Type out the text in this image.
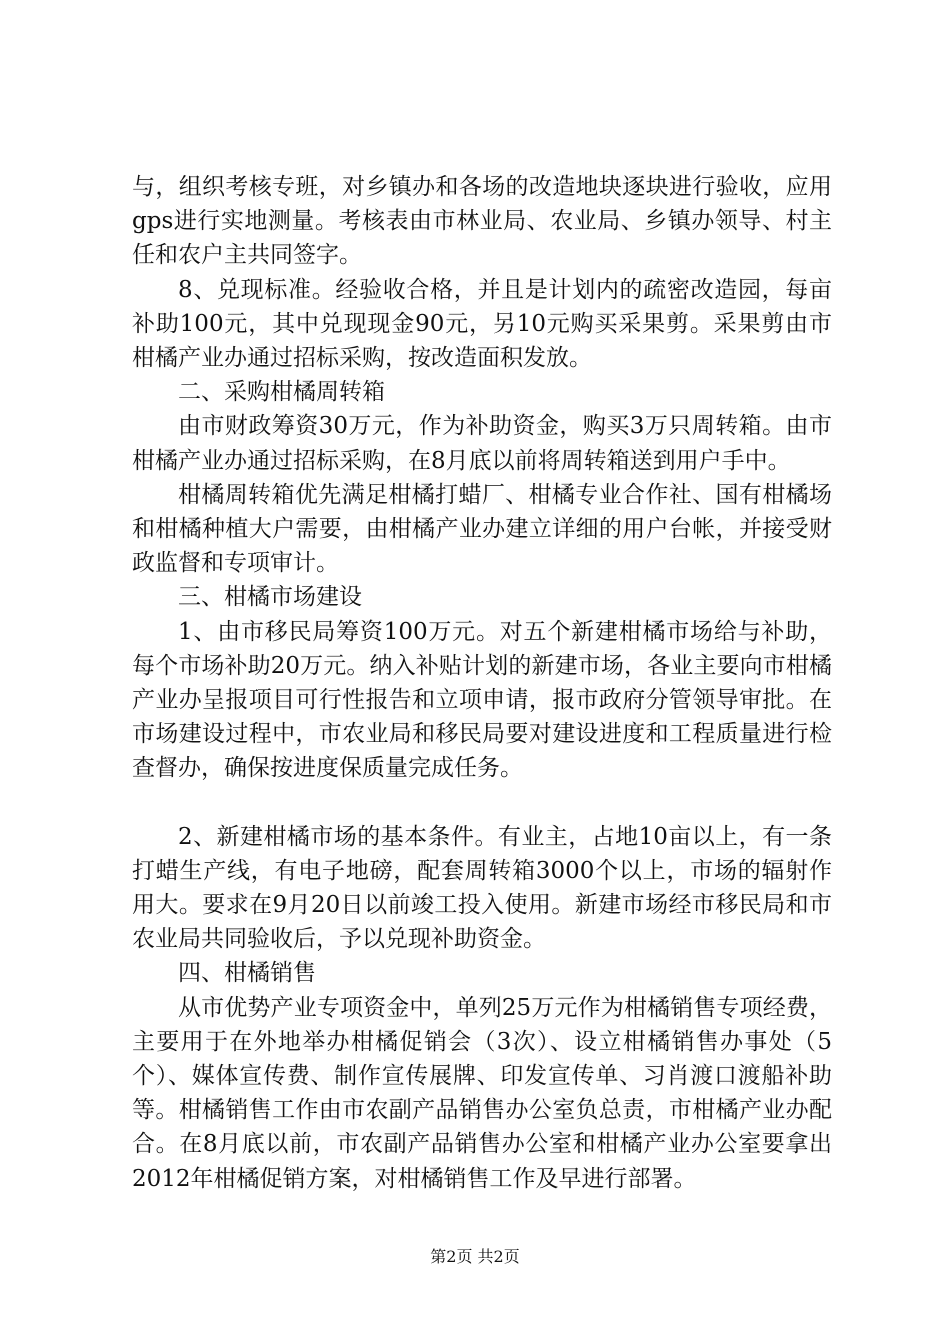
与，组织考核专班，对乡镇办和各场的改造地块逐块进行验收，应用gps进行实地测量。考核表由市林业局、农业局、乡镇办领导、村主任和农户主共同签字。

8、兑现标准。经验收合格，并且是计划内的疏密改造园，每亩补助100元，其中兑现现金90元，另10元购买采果剪。采果剪由市柑橘产业办通过招标采购，按改造面积发放。

二、采购柑橘周转箱

由市财政筹资30万元，作为补助资金，购买3万只周转箱。由市柑橘产业办通过招标采购，在8月底以前将周转箱送到用户手中。

柑橘周转箱优先满足柑橘打蜡厂、柑橘专业合作社、国有柑橘场和柑橘种植大户需要，由柑橘产业办建立详细的用户台帐，并接受财政监督和专项审计。

三、柑橘市场建设

1、由市移民局筹资100万元。对五个新建柑橘市场给与补助，每个市场补助20万元。纳入补贴计划的新建市场，各业主要向市柑橘产业办呈报项目可行性报告和立项申请，报市政府分管领导审批。在市场建设过程中，市农业局和移民局要对建设进度和工程质量进行检查督办，确保按进度保质量完成任务。

2、新建柑橘市场的基本条件。有业主，占地10亩以上，有一条打蜡生产线，有电子地磅，配套周转箱3000个以上，市场的辐射作用大。要求在9月20日以前竣工投入使用。新建市场经市移民局和市农业局共同验收后，予以兑现补助资金。

四、柑橘销售

从市优势产业专项资金中，单列25万元作为柑橘销售专项经费，主要用于在外地举办柑橘促销会（3次）、设立柑橘销售办事处（5个）、媒体宣传费、制作宣传展牌、印发宣传单、习肖渡口渡船补助等。柑橘销售工作由市农副产品销售办公室负总责，市柑橘产业办配合。在8月底以前，市农副产品销售办公室和柑橘产业办公室要拿出2012年柑橘促销方案，对柑橘销售工作及早进行部署。

第2页 共2页
